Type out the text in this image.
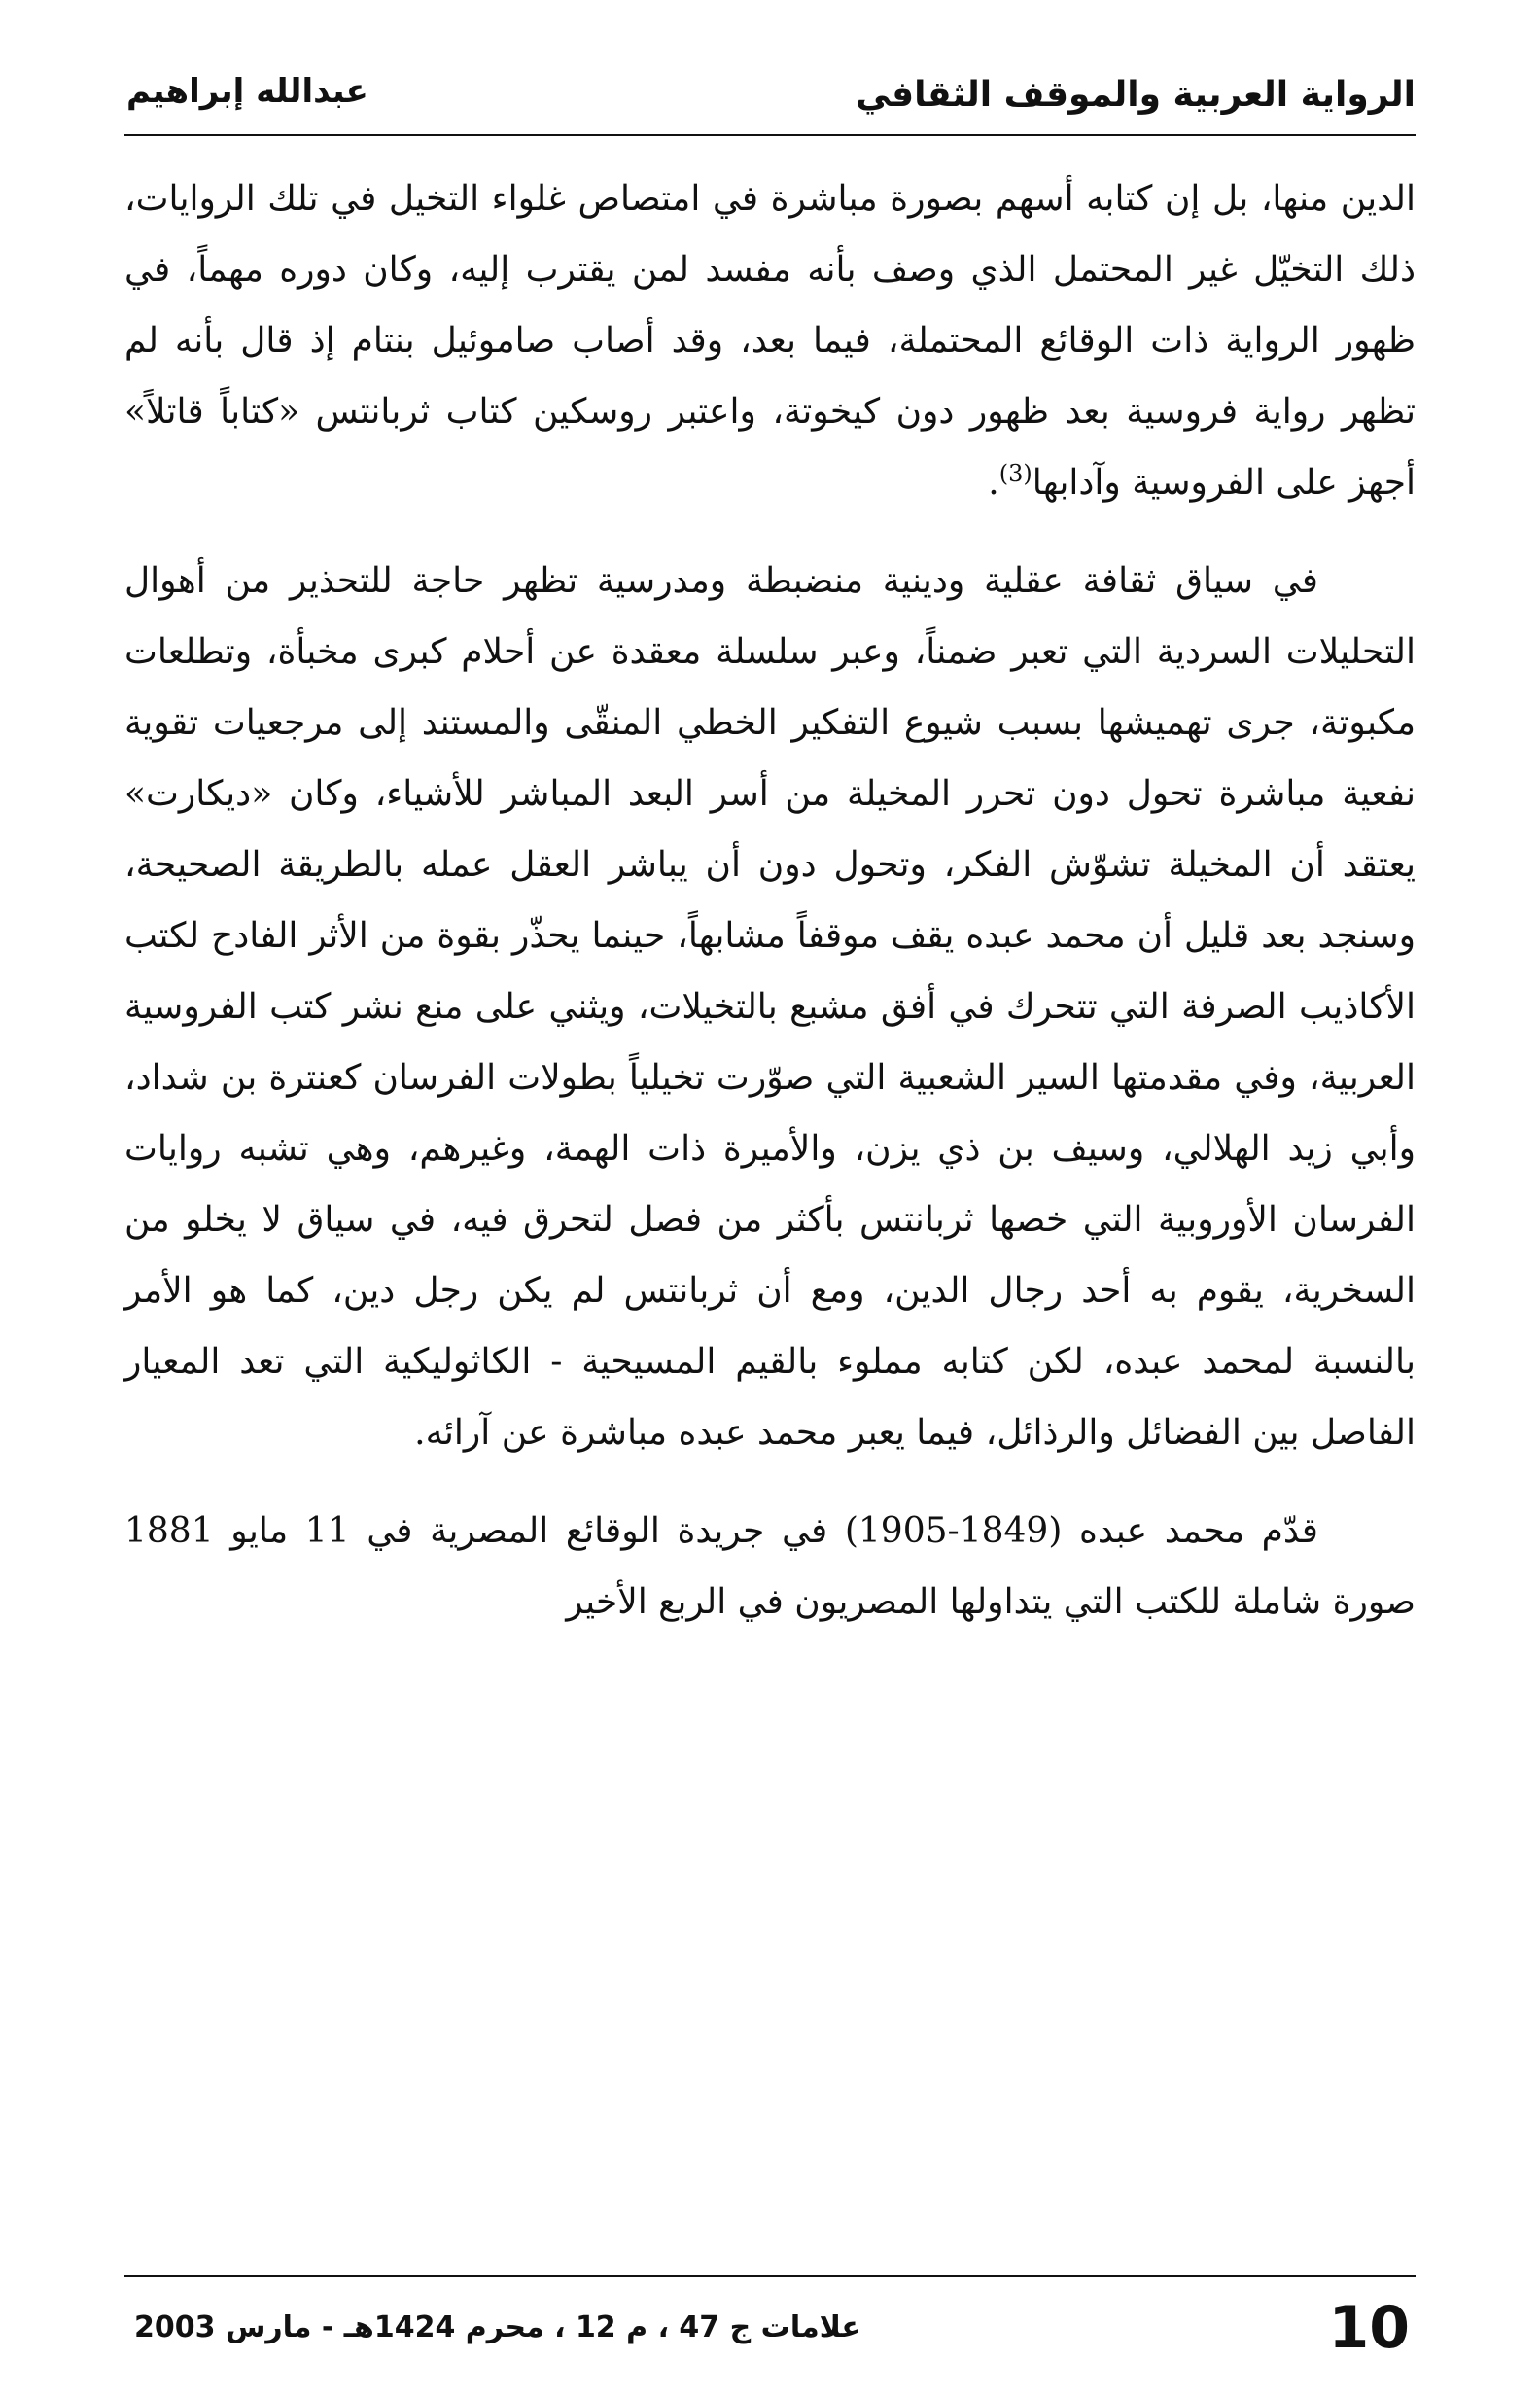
الرواية العربية والموقف الثقافي
عبدالله إبراهيم

الدين منها، بل إن كتابه أسهم بصورة مباشرة في امتصاص غلواء التخيل في تلك الروايات، ذلك التخيّل غير المحتمل الذي وصف بأنه مفسد لمن يقترب إليه، وكان دوره مهماً، في ظهور الرواية ذات الوقائع المحتملة، فيما بعد، وقد أصاب صاموئيل بنتام إذ قال بأنه لم تظهر رواية فروسية بعد ظهور دون كيخوتة، واعتبر روسكين كتاب ثربانتس «كتاباً قاتلاً» أجهز على الفروسية وآدابها$^{(3)}$.

في سياق ثقافة عقلية ودينية منضبطة ومدرسية تظهر حاجة للتحذير من أهوال التحليلات السردية التي تعبر ضمناً، وعبر سلسلة معقدة عن أحلام كبرى مخبأة، وتطلعات مكبوتة، جرى تهميشها بسبب شيوع التفكير الخطي المنقّى والمستند إلى مرجعيات تقوية نفعية مباشرة تحول دون تحرر المخيلة من أسر البعد المباشر للأشياء، وكان «ديكارت» يعتقد أن المخيلة تشوّش الفكر، وتحول دون أن يباشر العقل عمله بالطريقة الصحيحة، وسنجد بعد قليل أن محمد عبده يقف موقفاً مشابهاً، حينما يحذّر بقوة من الأثر الفادح لكتب الأكاذيب الصرفة التي تتحرك في أفق مشبع بالتخيلات، ويثني على منع نشر كتب الفروسية العربية، وفي مقدمتها السير الشعبية التي صوّرت تخيلياً بطولات الفرسان كعنترة بن شداد، وأبي زيد الهلالي، وسيف بن ذي يزن، والأميرة ذات الهمة، وغيرهم، وهي تشبه روايات الفرسان الأوروبية التي خصها ثربانتس بأكثر من فصل لتحرق فيه، في سياق لا يخلو من السخرية، يقوم به أحد رجال الدين، ومع أن ثربانتس لم يكن رجل دين، كما هو الأمر بالنسبة لمحمد عبده، لكن كتابه مملوء بالقيم المسيحية - الكاثوليكية التي تعد المعيار الفاصل بين الفضائل والرذائل، فيما يعبر محمد عبده مباشرة عن آرائه.

قدّم محمد عبده (1849-1905) في جريدة الوقائع المصرية في 11 مايو 1881 صورة شاملة للكتب التي يتداولها المصريون في الربع الأخير

10
علامات ج 47 ، م 12 ، محرم 1424هـ - مارس 2003
